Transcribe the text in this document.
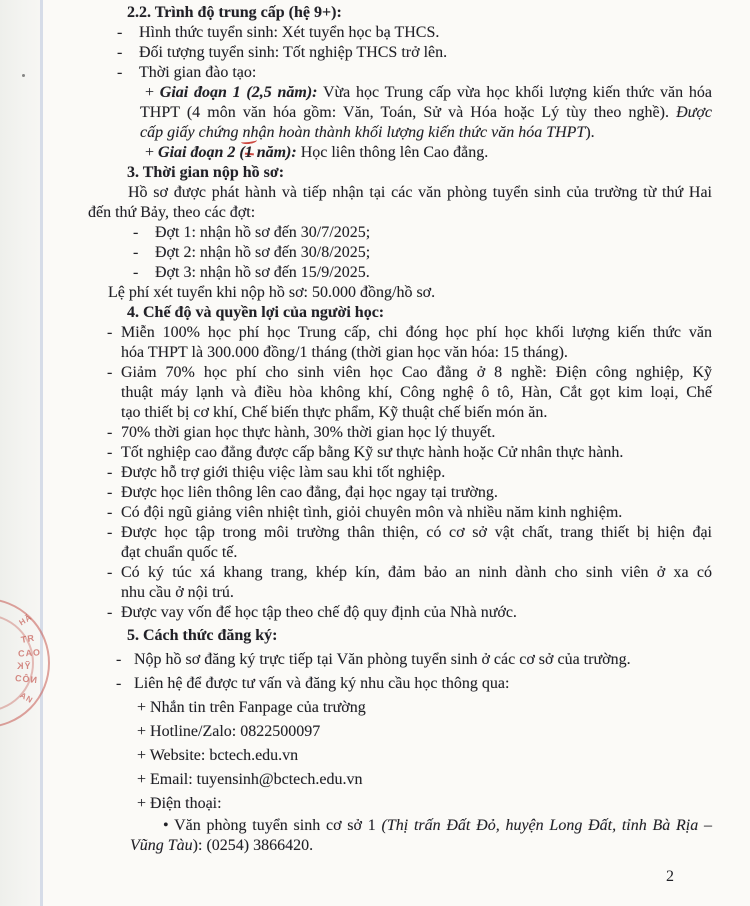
ĂH
ЯT
OAƆ
ỸK
NÔƆ
ИA
2.2. Trình độ trung cấp (hệ 9+):
- Hình thức tuyển sinh: Xét tuyển học bạ THCS.
- Đối tượng tuyển sinh: Tốt nghiệp THCS trở lên.
- Thời gian đào tạo:
+ Giai đoạn 1 (2,5 năm): Vừa học Trung cấp vừa học khối lượng kiến thức văn hóa
THPT (4 môn văn hóa gồm: Văn, Toán, Sử và Hóa hoặc Lý tùy theo nghề). Được
cấp giấy chứng nhận hoàn thành khối lượng kiến thức văn hóa THPT).
+ Giai đoạn 2 (1 năm): Học liên thông lên Cao đẳng.
3. Thời gian nộp hồ sơ:
Hồ sơ được phát hành và tiếp nhận tại các văn phòng tuyển sinh của trường từ thứ Hai
đến thứ Bảy, theo các đợt:
- Đợt 1: nhận hồ sơ đến 30/7/2025;
- Đợt 2: nhận hồ sơ đến 30/8/2025;
- Đợt 3: nhận hồ sơ đến 15/9/2025.
Lệ phí xét tuyển khi nộp hồ sơ: 50.000 đồng/hồ sơ.
4. Chế độ và quyền lợi của người học:
- Miễn 100% học phí học Trung cấp, chi đóng học phí học khối lượng kiến thức văn
hóa THPT là 300.000 đồng/1 tháng (thời gian học văn hóa: 15 tháng).
- Giảm 70% học phí cho sinh viên học Cao đẳng ở 8 nghề: Điện công nghiệp, Kỹ
thuật máy lạnh và điều hòa không khí, Công nghệ ô tô, Hàn, Cắt gọt kim loại, Chế
tạo thiết bị cơ khí, Chế biến thực phẩm, Kỹ thuật chế biến món ăn.
- 70% thời gian học thực hành, 30% thời gian học lý thuyết.
- Tốt nghiệp cao đẳng được cấp bằng Kỹ sư thực hành hoặc Cử nhân thực hành.
- Được hỗ trợ giới thiệu việc làm sau khi tốt nghiệp.
- Được học liên thông lên cao đẳng, đại học ngay tại trường.
- Có đội ngũ giảng viên nhiệt tình, giỏi chuyên môn và nhiều năm kinh nghiệm.
- Được học tập trong môi trường thân thiện, có cơ sở vật chất, trang thiết bị hiện đại
đạt chuẩn quốc tế.
- Có ký túc xá khang trang, khép kín, đảm bảo an ninh dành cho sinh viên ở xa có
nhu cầu ở nội trú.
- Được vay vốn để học tập theo chế độ quy định của Nhà nước.
5. Cách thức đăng ký:
- Nộp hồ sơ đăng ký trực tiếp tại Văn phòng tuyển sinh ở các cơ sở của trường.
- Liên hệ để được tư vấn và đăng ký nhu cầu học thông qua:
+ Nhắn tin trên Fanpage của trường
+ Hotline/Zalo: 0822500097
+ Website: bctech.edu.vn
+ Email: tuyensinh@bctech.edu.vn
+ Điện thoại:
• Văn phòng tuyển sinh cơ sở 1 (Thị trấn Đất Đỏ, huyện Long Đất, tỉnh Bà Rịa –
Vũng Tàu): (0254) 3866420.
2
